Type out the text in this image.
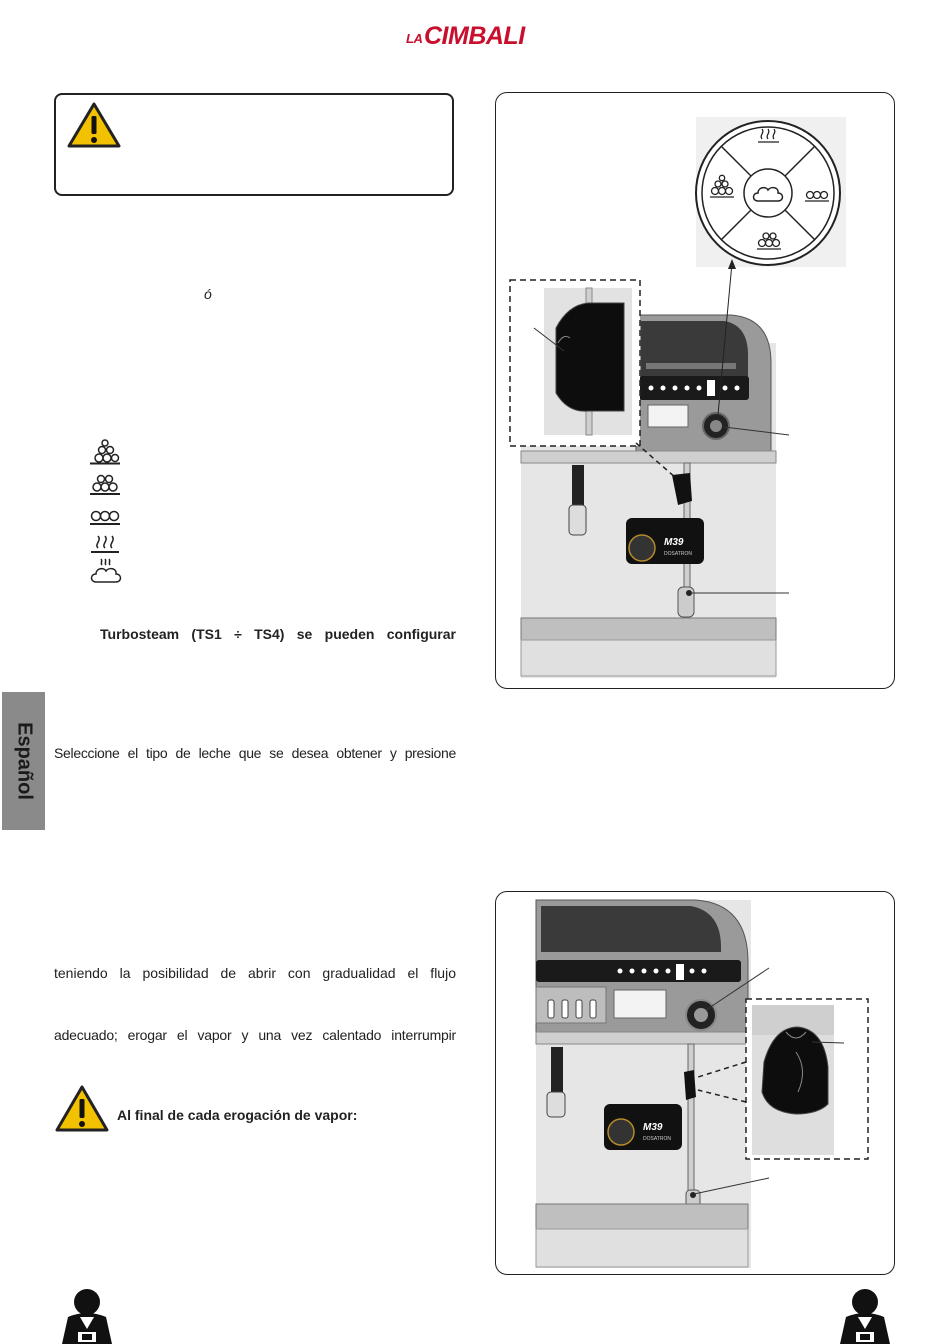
LA CIMBALI
ó
Turbosteam (TS1 ÷ TS4) se pueden configurar
Español Seleccione el tipo de leche que se desea obtener y presione
teniendo la posibilidad de abrir con gradualidad el flujo
adecuado; erogar el vapor y una vez calentado interrumpir
Al final de cada erogación de vapor:
M39
DOSATRON
M39
DOSATRON
